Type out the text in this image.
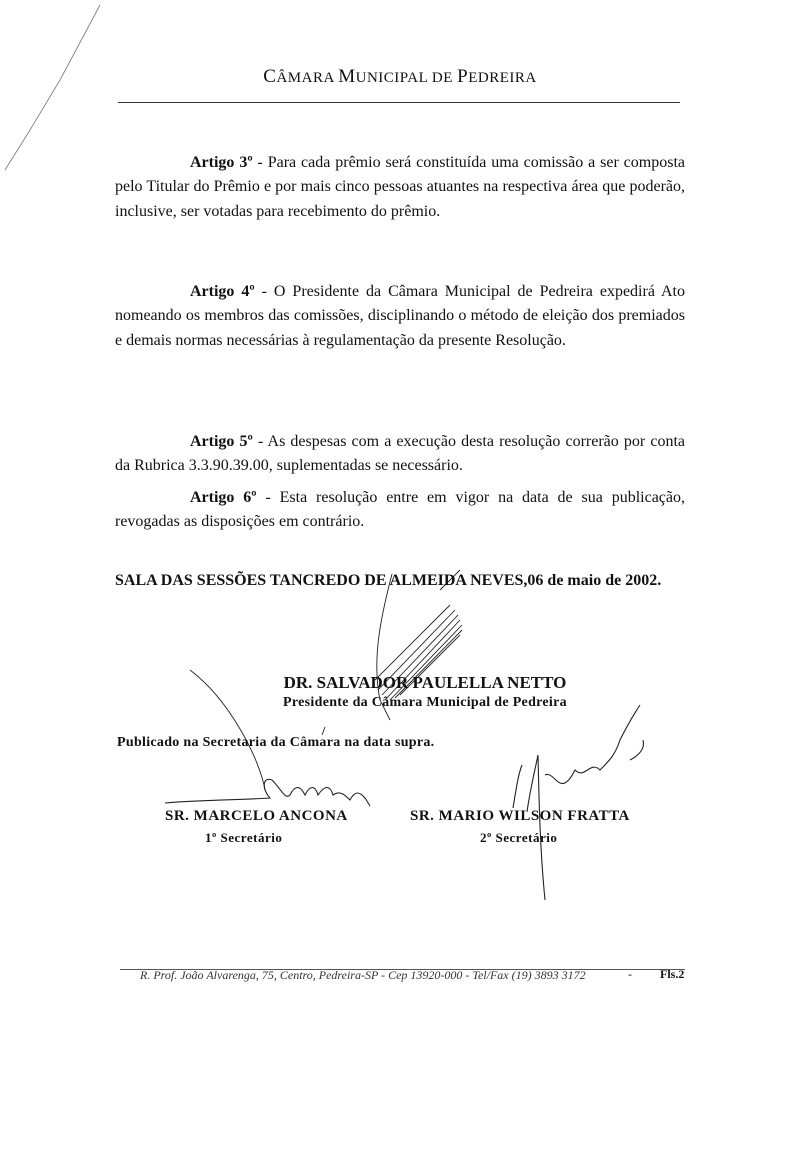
CÂMARA MUNICIPAL DE PEDREIRA

Artigo 3º - Para cada prêmio será constituída uma comissão a ser composta pelo Titular do Prêmio e por mais cinco pessoas atuantes na respectiva área que poderão, inclusive, ser votadas para recebimento do prêmio.

Artigo 4º - O Presidente da Câmara Municipal de Pedreira expedirá Ato nomeando os membros das comissões, disciplinando o método de eleição dos premiados e demais normas necessárias à regulamentação da presente Resolução.

Artigo 5º - As despesas com a execução desta resolução correrão por conta da Rubrica 3.3.90.39.00, suplementadas se necessário.

Artigo 6º - Esta resolução entre em vigor na data de sua publicação, revogadas as disposições em contrário.

SALA DAS SESSÕES TANCREDO DE ALMEIDA NEVES,06 de maio de 2002.

DR. SALVADOR PAULELLA NETTO
Presidente da Câmara Municipal de Pedreira
Publicado na Secretaria da Câmara na data supra.
SR. MARCELO ANCONA
1º Secretário
SR. MARIO WILSON FRATTA
2º Secretário
R. Prof. João Alvarenga, 75, Centro, Pedreira-SP - Cep 13920-000 - Tel/Fax (19) 3893 3172	- Fls.2
